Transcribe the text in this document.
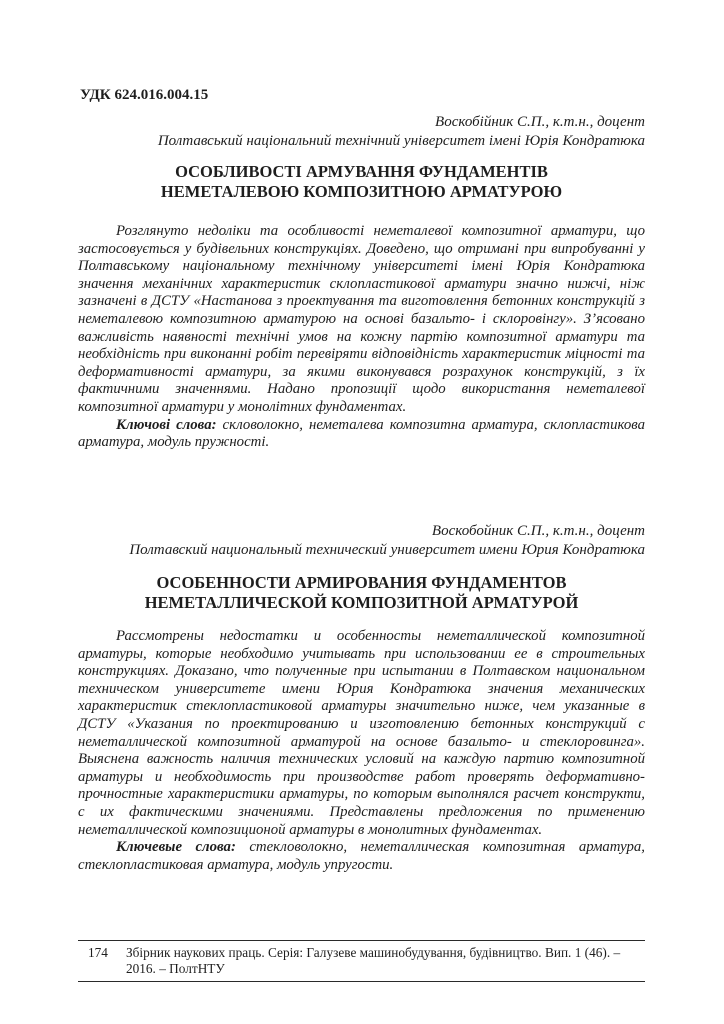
УДК 624.016.004.15
Воскобійник С.П., к.т.н., доцент
Полтавський національний технічний університет імені Юрія Кондратюка
ОСОБЛИВОСТІ АРМУВАННЯ ФУНДАМЕНТІВ
НЕМЕТАЛЕВОЮ КОМПОЗИТНОЮ АРМАТУРОЮ

Розглянуто недоліки та особливості неметалевої композитної арматури, що застосовується у будівельних конструкціях. Доведено, що отримані при випробуванні у Полтавському національному технічному університеті імені Юрія Кондратюка значення механічних характеристик склопластикової арматури значно нижчі, ніж зазначені в ДСТУ «Настанова з проектування та виготовлення бетонних конструкцій з неметалевою композитною арматурою на основі базальто- і склоровінгу». З’ясовано важливість наявності технічні умов на кожну партію композитної арматури та необхідність при виконанні робіт перевіряти відповідність характеристик міцності та деформативності арматури, за якими виконувався розрахунок конструкцій, з їх фактичними значеннями. Надано пропозиції щодо використання неметалевої композитної арматури у монолітних фундаментах.

Ключові слова: скловолокно, неметалева композитна арматура, склопластикова арматура, модуль пружності.

Воскобойник С.П., к.т.н., доцент
Полтавский национальный технический университет имени Юрия Кондратюка
ОСОБЕННОСТИ АРМИРОВАНИЯ ФУНДАМЕНТОВ
НЕМЕТАЛЛИЧЕСКОЙ КОМПОЗИТНОЙ АРМАТУРОЙ

Рассмотрены недостатки и особенносты неметаллической композитной арматуры, которые необходимо учитывать при использовании ее в строительных конструкциях. Доказано, что полученные при испытании в Полтавском национальном техническом университете имени Юрия Кондратюка значения механических характеристик стеклопластиковой арматуры значительно ниже, чем указанные в ДСТУ «Указания по проектированию и изготовлению бетонных конструкций с неметаллической композитной арматурой на основе базальто- и стеклоровинга». Выяснена важность наличия технических условий на каждую партию композитной арматуры и необходимость при производстве работ проверять деформативно-прочностные характеристики арматуры, по которым выполнялся расчет конструкти, с их фактическими значениями. Представлены предложения по применению неметаллической композиционой арматуры в монолитных фундаментах.

Ключевые слова: стекловолокно, неметаллическая композитная арматура, стеклопластиковая арматура, модуль упругости.

174 Збірник наукових праць. Серія: Галузеве машинобудування, будівництво. Вип. 1 (46). – 2016. – ПолтНТУ
